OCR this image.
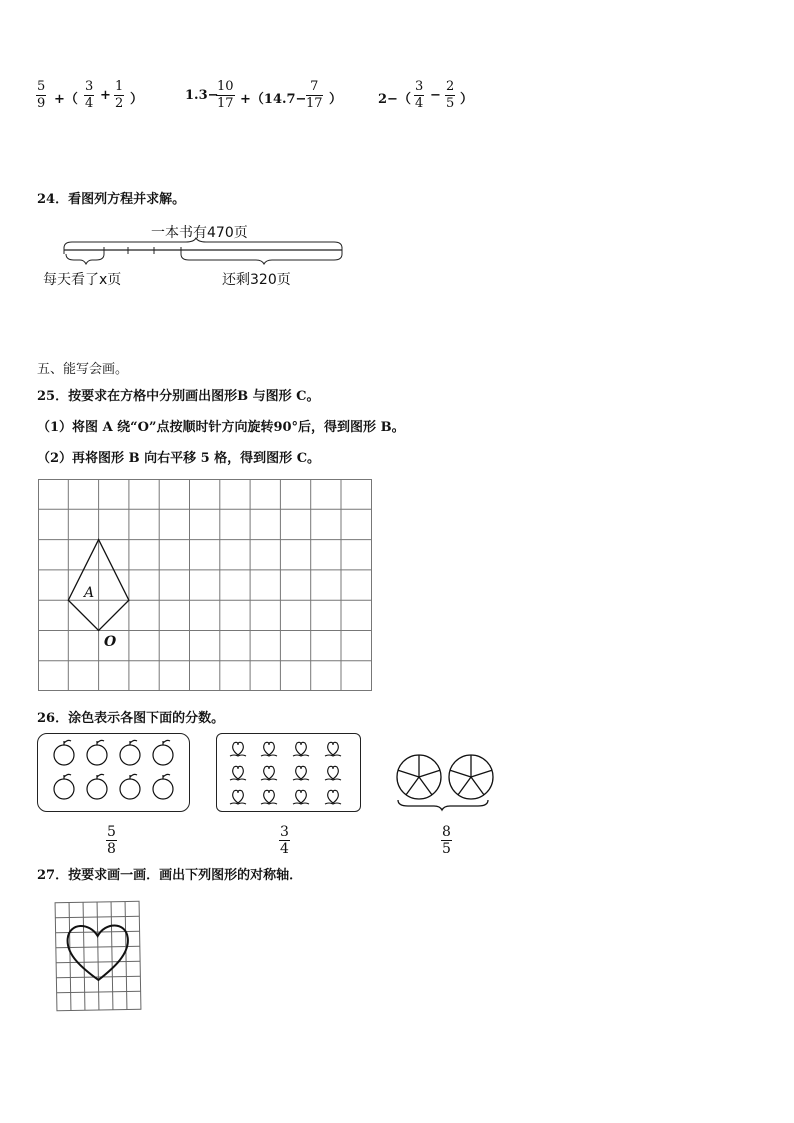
$\frac{5}{9}$ +（ $\frac{3}{4} + \frac{1}{2}$ ）	1.3−
$\frac{10}{17} +(14.7- \frac{7}{17}$ ）	$2-( \frac{3}{4} - \frac{2}{5}$ ）
24．看图列方程并求解。
一本书有470页
每天看了x页	还剩320页
五、能写会画。
25．按要求在方格中分别画出图形B 与图形 C。
（1）将图 A 绕“O”点按顺时针方向旋转90°后，得到图形 B。
（2）再将图形 B 向右平移 5 格，得到图形 C。
A
O
26．涂色表示各图下面的分数。
$\frac{5}{8}$	$\frac{3}{4}$	$\frac{8}{5}$
27．按要求画一画．画出下列图形的对称轴．
